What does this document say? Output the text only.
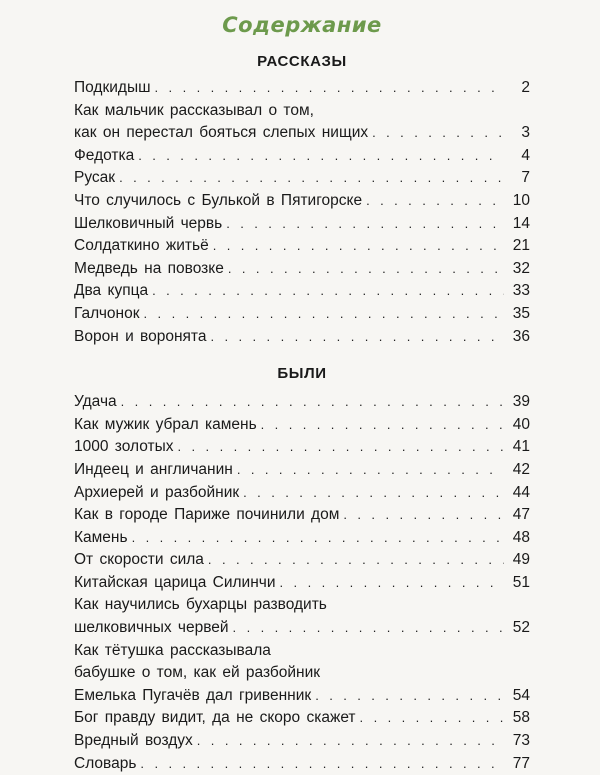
Содержание
РАССКАЗЫ
Подкидыш . . .	2
Как мальчик рассказывал о том,
как он перестал бояться слепых нищих . . .	3
Федотка . . .	4
Русак . . .	7
Что случилось с Булькой в Пятигорске . . .	10
Шелковичный червь . . .	14
Солдаткино житьё . . .	21
Медведь на повозке . . .	32
Два купца . . .	33
Галчонок . . .	35
Ворон и воронята . . .	36
БЫЛИ
Удача . . .	39
Как мужик убрал камень . . .	40
1000 золотых . . .	41
Индеец и англичанин . . .	42
Архиерей и разбойник . . .	44
Как в городе Париже починили дом . . .	47
Камень . . .	48
От скорости сила . . .	49
Китайская царица Силинчи . . .	51
Как научились бухарцы разводить
шелковичных червей . . .	52
Как тётушка рассказывала
бабушке о том, как ей разбойник
Емелька Пугачёв дал гривенник . . .	54
Бог правду видит, да не скоро скажет . . .	58
Вредный воздух . . .	73
Словарь . . .	77
